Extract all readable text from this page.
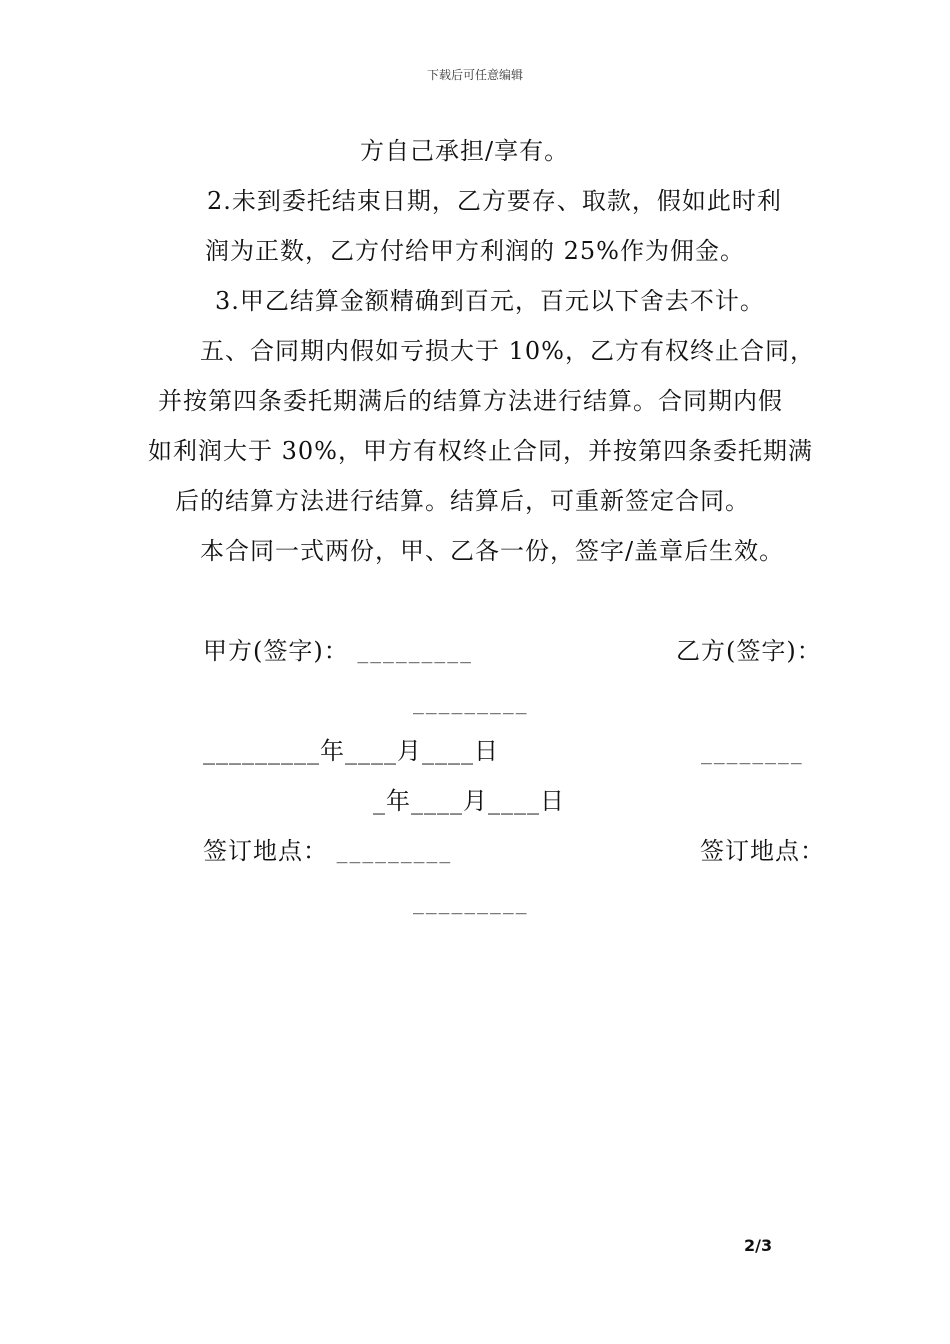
下载后可任意编辑
方自己承担/享有。
2.未到委托结束日期，乙方要存、取款，假如此时利
润为正数，乙方付给甲方利润的 25%作为佣金。
3.甲乙结算金额精确到百元，百元以下舍去不计。
五、合同期内假如亏损大于 10%，乙方有权终止合同，
并按第四条委托期满后的结算方法进行结算。合同期内假
如利润大于 30%，甲方有权终止合同，并按第四条委托期满
后的结算方法进行结算。结算后，可重新签定合同。
本合同一式两份，甲、乙各一份，签字/盖章后生效。
甲方(签字)： _________	乙方(签字)：
_________
_________年____月____日	________
_年____月____日
签订地点： _________	签订地点：
_________
2/3
